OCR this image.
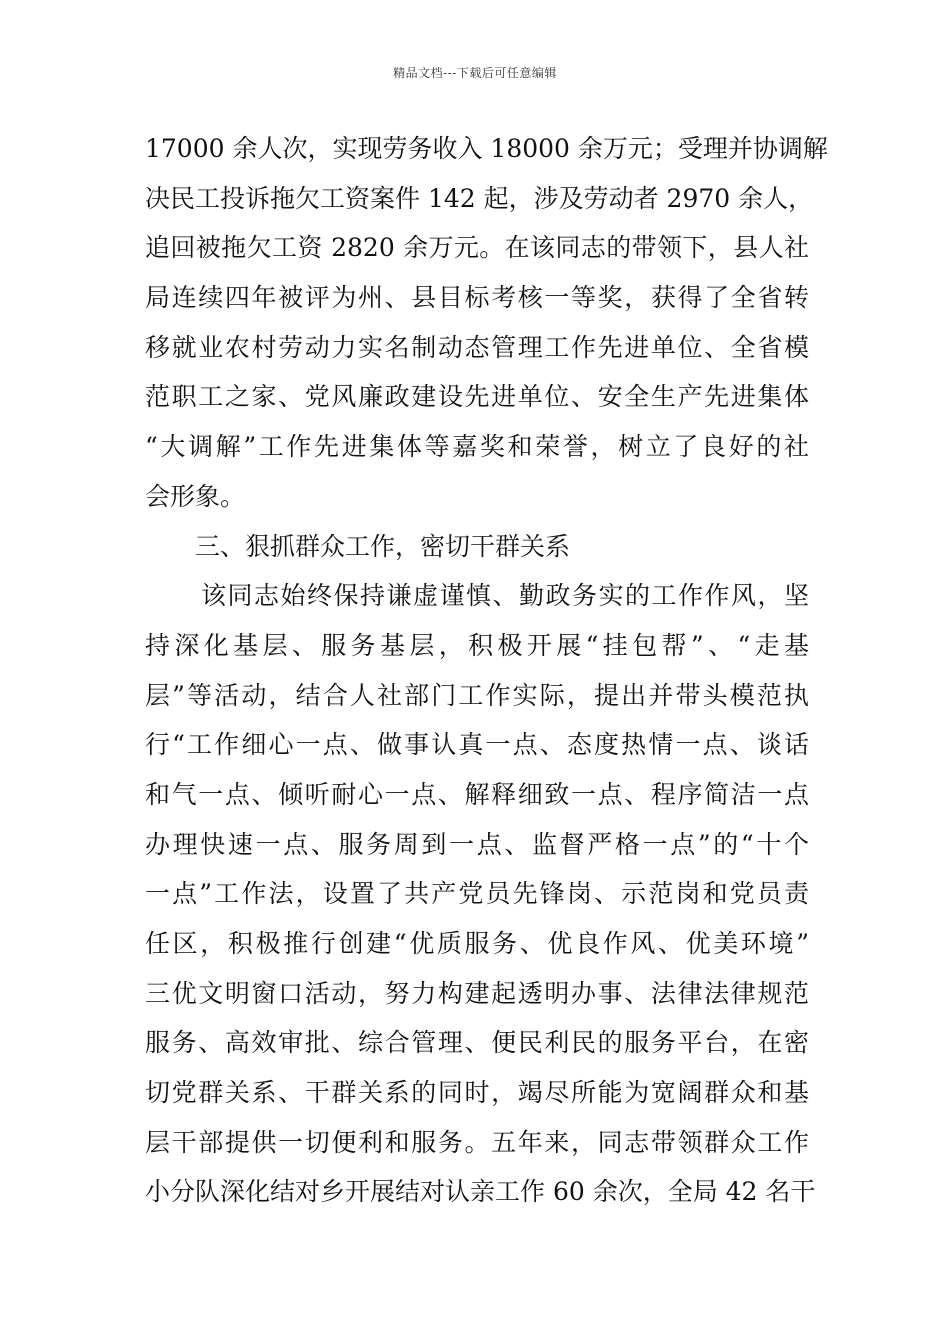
精品文档---下载后可任意编辑
17000 余人次，实现劳务收入 18000 余万元；受理并协调解
决民工投诉拖欠工资案件 142 起，涉及劳动者 2970 余人，
追回被拖欠工资 2820 余万元。在该同志的带领下，县人社
局连续四年被评为州、县目标考核一等奖，获得了全省转
移就业农村劳动力实名制动态管理工作先进单位、全省模
范职工之家、党风廉政建设先进单位、安全生产先进集体
“大调解”工作先进集体等嘉奖和荣誉，树立了良好的社
会形象。
三、狠抓群众工作，密切干群关系
该同志始终保持谦虚谨慎、勤政务实的工作作风，坚
持深化基层、服务基层，积极开展“挂包帮”、“走基
层”等活动，结合人社部门工作实际，提出并带头模范执
行“工作细心一点、做事认真一点、态度热情一点、谈话
和气一点、倾听耐心一点、解释细致一点、程序简洁一点
办理快速一点、服务周到一点、监督严格一点”的“十个
一点”工作法，设置了共产党员先锋岗、示范岗和党员责
任区，积极推行创建“优质服务、优良作风、优美环境”
三优文明窗口活动，努力构建起透明办事、法律法律规范
服务、高效审批、综合管理、便民利民的服务平台，在密
切党群关系、干群关系的同时，竭尽所能为宽阔群众和基
层干部提供一切便利和服务。五年来，同志带领群众工作
小分队深化结对乡开展结对认亲工作 60 余次，全局 42 名干
